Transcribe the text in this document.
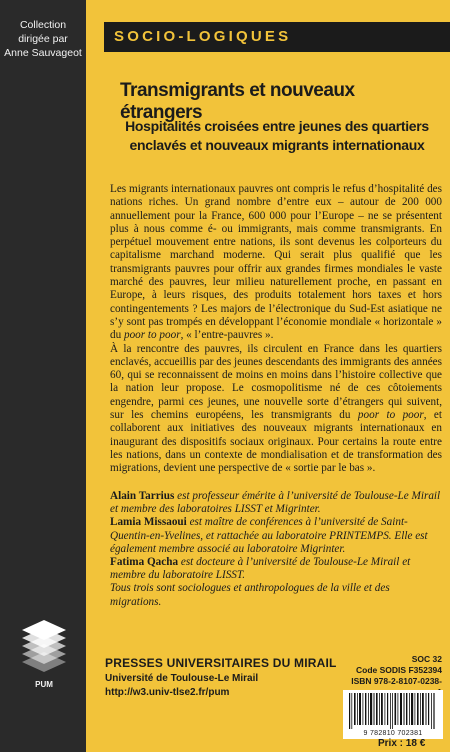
Collection
dirigée par
Anne Sauvageot
SOCIO-LOGIQUES
Transmigrants et nouveaux étrangers
Hospitalités croisées entre jeunes des quartiers
enclavés et nouveaux migrants internationaux

Les migrants internationaux pauvres ont compris le refus d’hospitalité des nations riches. Un grand nombre d’entre eux – autour de 200 000 annuellement pour la France, 600 000 pour l’Europe – ne se présentent plus à nous comme é- ou immigrants, mais comme transmigrants. En perpétuel mouvement entre nations, ils sont devenus les colporteurs du capitalisme marchand moderne. Qui serait plus qualifié que les transmigrants pauvres pour offrir aux grandes firmes mondiales le vaste marché des pauvres, leur milieu naturellement proche, en passant en Europe, à leurs risques, des produits totalement hors taxes et hors contingentements ? Les majors de l’électronique du Sud-Est asiatique ne s’y sont pas trompés en développant l’économie mondiale « horizontale » du poor to poor, « l’entre-pauvres ».

À la rencontre des pauvres, ils circulent en France dans les quartiers enclavés, accueillis par des jeunes descendants des immigrants des années 60, qui se reconnaissent de moins en moins dans l’histoire collective que la nation leur propose. Le cosmopolitisme né de ces côtoiements engendre, parmi ces jeunes, une nouvelle sorte d’étrangers qui suivent, sur les chemins européens, les transmigrants du poor to poor, et collaborent aux initiatives des nouveaux migrants internationaux en inaugurant des dispositifs sociaux originaux. Pour certains la route entre les nations, dans un contexte de mondialisation et de transformation des migrations, devient une perspective de « sortie par le bas ».

Alain Tarrius est professeur émérite à l’université de Toulouse-Le Mirail et membre des laboratoires LISST et Migrinter.

Lamia Missaoui est maître de conférences à l’université de Saint-Quentin-en-Yvelines, et rattachée au laboratoire PRINTEMPS. Elle est également membre associé au laboratoire Migrinter.

Fatima Qacha est docteure à l’université de Toulouse-Le Mirail et membre du laboratoire LISST.

Tous trois sont sociologues et anthropologues de la ville et des migrations.

PUM
PRESSES UNIVERSITAIRES DU MIRAIL
Université de Toulouse-Le Mirail
http://w3.univ-tlse2.fr/pum
SOC 32
Code SODIS F352394
ISBN 978-2-8107-0238-
9 782810 702381
Prix : 18 €
